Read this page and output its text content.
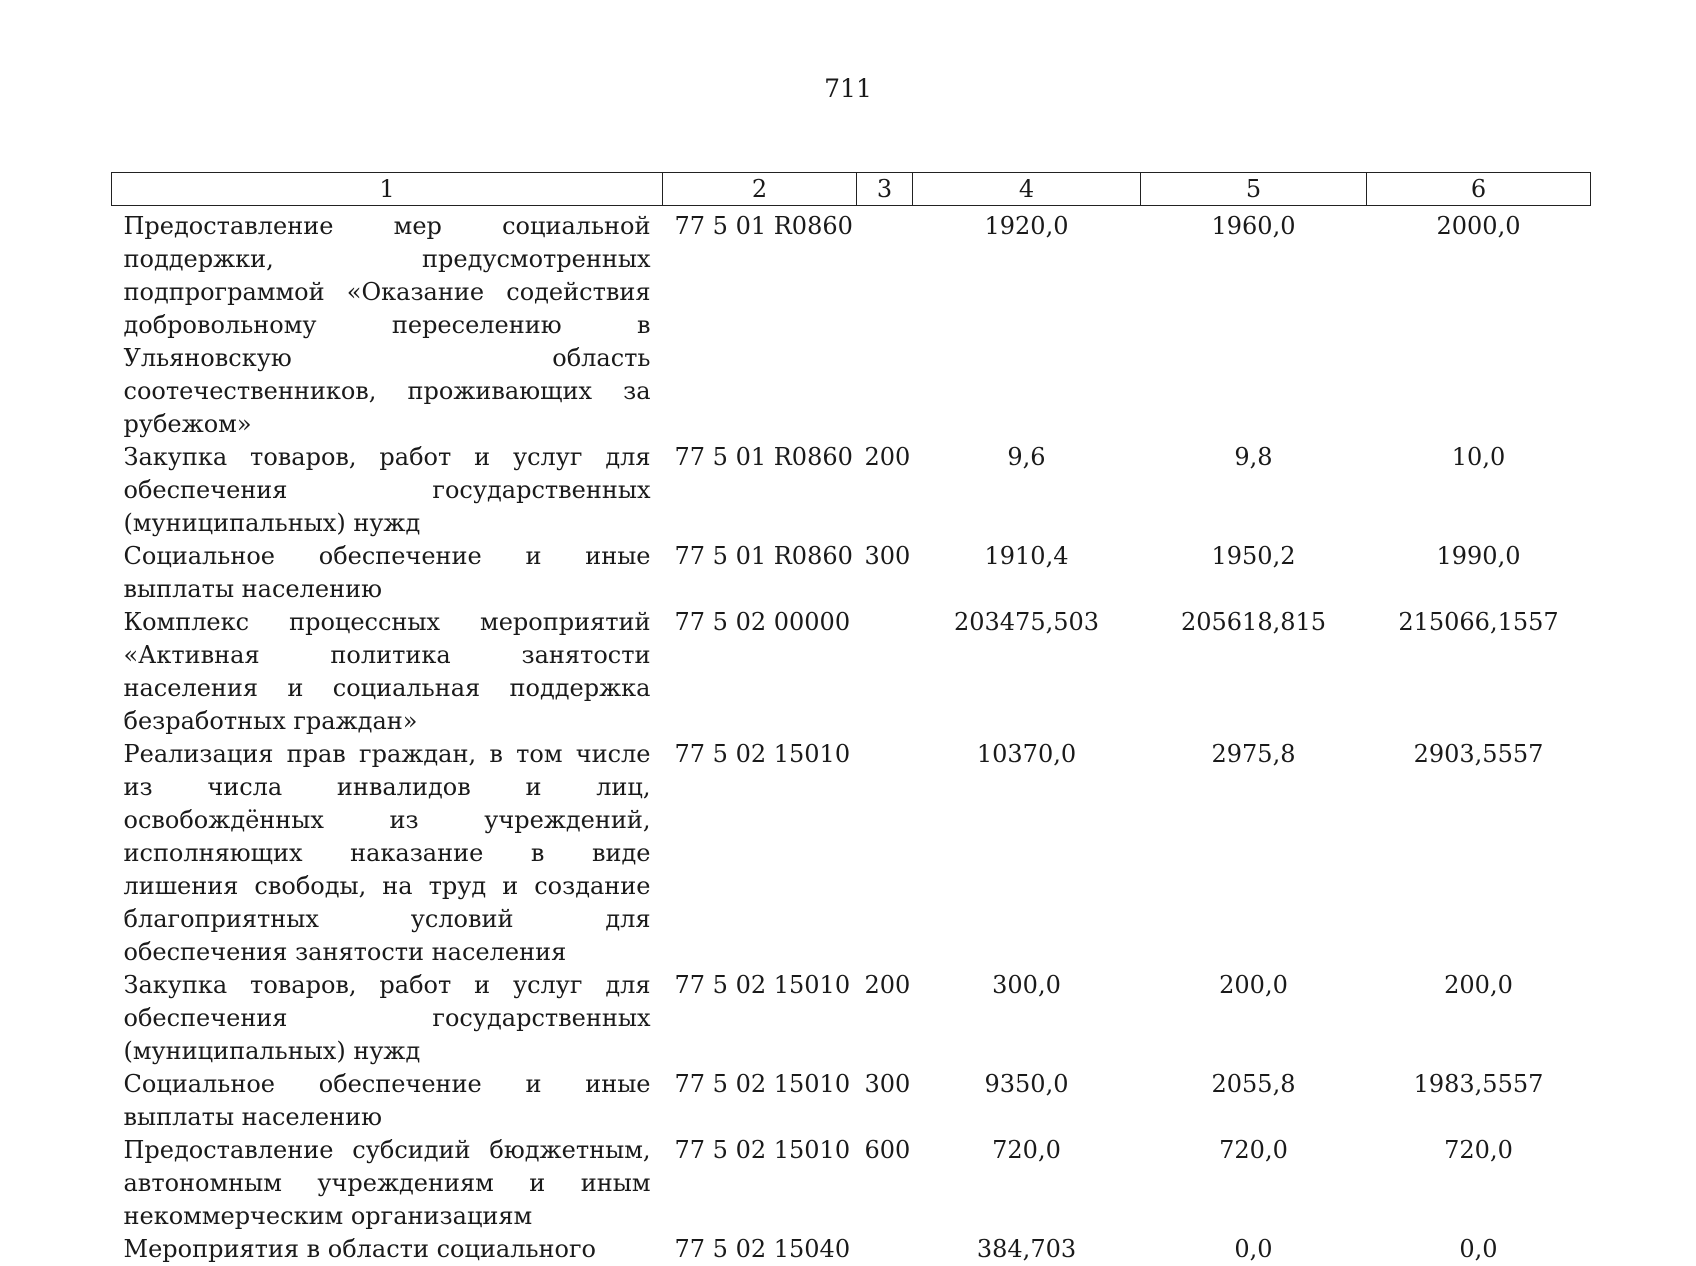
711
1	2	3	4	5	6
Предоставление мер социальной поддержки, предусмотренных подпрограммой «Оказание содействия добровольному переселению в Ульяновскую область соотечественников, проживающих за рубежом»	77 5 01 R0860		1920,0	1960,0	2000,0
Закупка товаров, работ и услуг для обеспечения государственных (муниципальных) нужд	77 5 01 R0860	200	9,6	9,8	10,0
Социальное обеспечение и иные выплаты населению	77 5 01 R0860	300	1910,4	1950,2	1990,0
Комплекс процессных мероприятий «Активная политика занятости населения и социальная поддержка безработных граждан»	77 5 02 00000		203475,503	205618,815	215066,1557
Реализация прав граждан, в том числе из числа инвалидов и лиц, освобождённых из учреждений, исполняющих наказание в виде лишения свободы, на труд и создание благоприятных условий для обеспечения занятости населения	77 5 02 15010		10370,0	2975,8	2903,5557
Закупка товаров, работ и услуг для обеспечения государственных (муниципальных) нужд	77 5 02 15010	200	300,0	200,0	200,0
Социальное обеспечение и иные выплаты населению	77 5 02 15010	300	9350,0	2055,8	1983,5557
Предоставление субсидий бюджетным, автономным учреждениям и иным некоммерческим организациям	77 5 02 15010	600	720,0	720,0	720,0
Мероприятия в области социального	77 5 02 15040		384,703	0,0	0,0
